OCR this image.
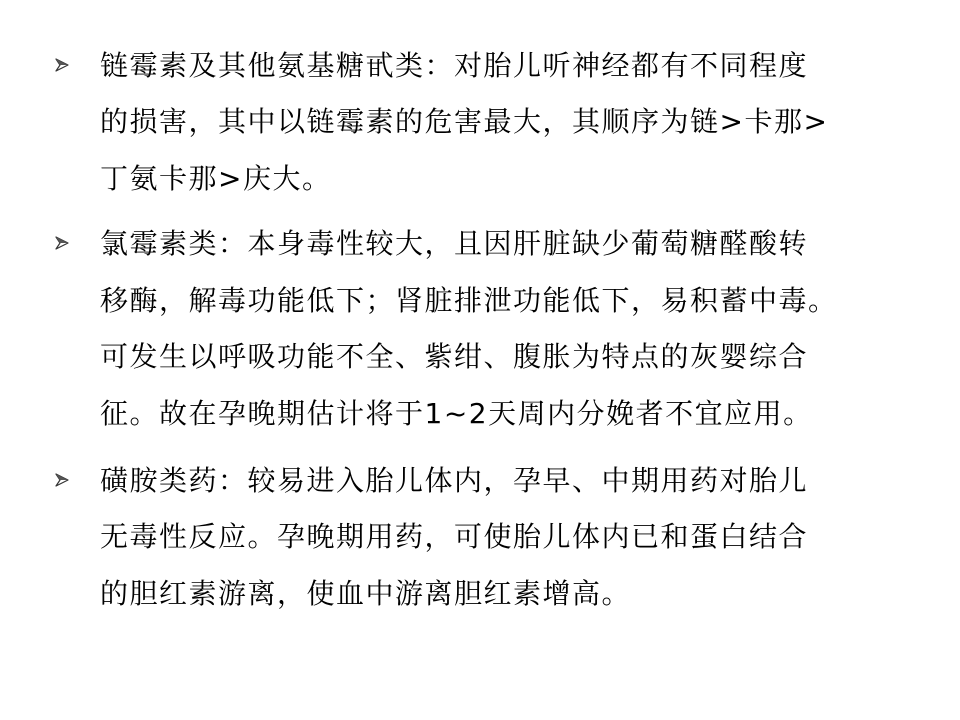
链霉素及其他氨基糖甙类：对胎儿听神经都有不同程度
的损害，其中以链霉素的危害最大，其顺序为链>卡那>
丁氨卡那>庆大。
氯霉素类：本身毒性较大，且因肝脏缺少葡萄糖醛酸转
移酶，解毒功能低下；肾脏排泄功能低下，易积蓄中毒。
可发生以呼吸功能不全、紫绀、腹胀为特点的灰婴综合
征。故在孕晚期估计将于1~2天周内分娩者不宜应用。
磺胺类药：较易进入胎儿体内，孕早、中期用药对胎儿
无毒性反应。孕晚期用药，可使胎儿体内已和蛋白结合
的胆红素游离，使血中游离胆红素增高。
